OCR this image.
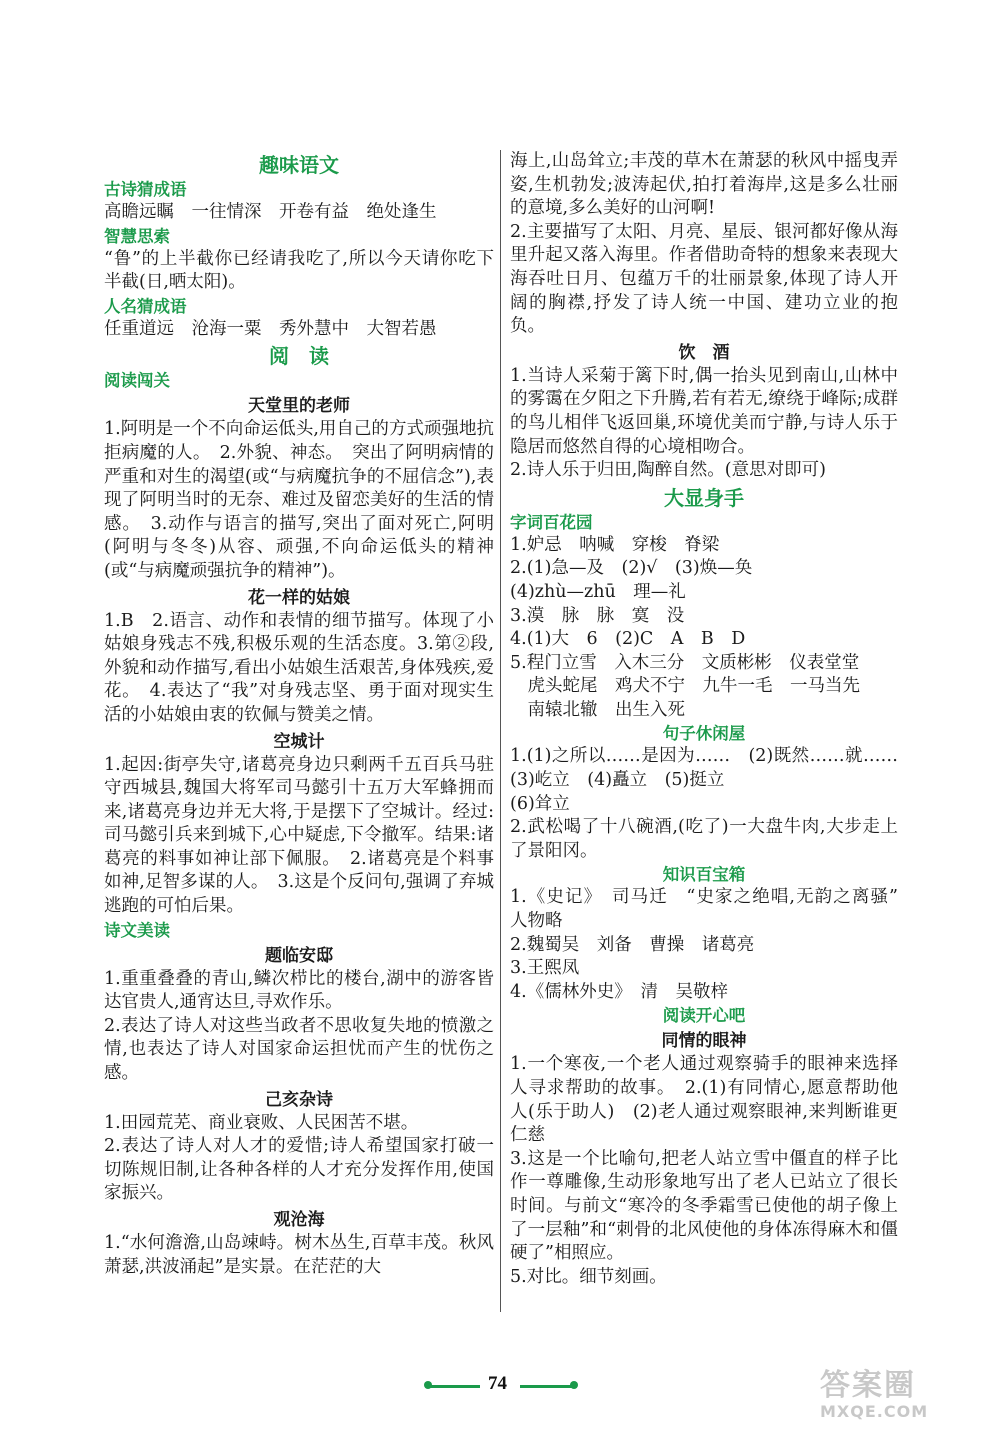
趣味语文
古诗猜成语

高瞻远瞩　一往情深　开卷有益　绝处逢生

智慧思索

“鲁”的上半截你已经请我吃了,所以今天请你吃下半截(日,晒太阳)。

人名猜成语

任重道远　沧海一粟　秀外慧中　大智若愚

阅　读
阅读闯关
天堂里的老师

1.阿明是一个不向命运低头,用自己的方式顽强地抗拒病魔的人。　2.外貌、神态。　突出了阿明病情的严重和对生的渴望(或“与病魔抗争的不屈信念”),表现了阿明当时的无奈、难过及留恋美好的生活的情感。　3.动作与语言的描写,突出了面对死亡,阿明(阿明与冬冬)从容、顽强,不向命运低头的精神(或“与病魔顽强抗争的精神”)。

花一样的姑娘

1.B　2.语言、动作和表情的细节描写。体现了小姑娘身残志不残,积极乐观的生活态度。3.第②段,外貌和动作描写,看出小姑娘生活艰苦,身体残疾,爱花。　4.表达了“我”对身残志坚、勇于面对现实生活的小姑娘由衷的钦佩与赞美之情。

空城计

1.起因:街亭失守,诸葛亮身边只剩两千五百兵马驻守西城县,魏国大将军司马懿引十五万大军蜂拥而来,诸葛亮身边并无大将,于是摆下了空城计。经过:司马懿引兵来到城下,心中疑虑,下令撤军。结果:诸葛亮的料事如神让部下佩服。　2.诸葛亮是个料事如神,足智多谋的人。　3.这是个反问句,强调了弃城逃跑的可怕后果。

诗文美读
题临安邸

1.重重叠叠的青山,鳞次栉比的楼台,湖中的游客皆达官贵人,通宵达旦,寻欢作乐。
2.表达了诗人对这些当政者不思收复失地的愤激之情,也表达了诗人对国家命运担忧而产生的忧伤之感。

己亥杂诗

1.田园荒芜、商业衰败、人民困苦不堪。
2.表达了诗人对人才的爱惜;诗人希望国家打破一切陈规旧制,让各种各样的人才充分发挥作用,使国家振兴。

观沧海

1.“水何澹澹,山岛竦峙。树木丛生,百草丰茂。秋风萧瑟,洪波涌起”是实景。在茫茫的大

海上,山岛耸立;丰茂的草木在萧瑟的秋风中摇曳弄姿,生机勃发;波涛起伏,拍打着海岸,这是多么壮丽的意境,多么美好的山河啊!
2.主要描写了太阳、月亮、星辰、银河都好像从海里升起又落入海里。作者借助奇特的想象来表现大海吞吐日月、包蕴万千的壮丽景象,体现了诗人开阔的胸襟,抒发了诗人统一中国、建功立业的抱负。

饮　酒

1.当诗人采菊于篱下时,偶一抬头见到南山,山林中的雾霭在夕阳之下升腾,若有若无,缭绕于峰际;成群的鸟儿相伴飞返回巢,环境优美而宁静,与诗人乐于隐居而悠然自得的心境相吻合。
2.诗人乐于归田,陶醉自然。(意思对即可)

大显身手
字词百花园

1.妒忌　呐喊　穿梭　脊梁
2.(1)急—及　(2)√　(3)焕—奂
(4)zhù—zhū　理—礼
3.漠　脉　脉　寞　没
4.(1)大　6　(2)C　A　B　D
5.程门立雪　入木三分　文质彬彬　仪表堂堂
　虎头蛇尾　鸡犬不宁　九牛一毛　一马当先
　南辕北辙　出生入死

句子休闲屋

1.(1)之所以……是因为……　(2)既然……就……　(3)屹立　(4)矗立　(5)挺立
(6)耸立
2.武松喝了十八碗酒,(吃了)一大盘牛肉,大步走上了景阳冈。

知识百宝箱

1.《史记》　司马迁　“史家之绝唱,无韵之离骚”　人物略
2.魏蜀吴　刘备　曹操　诸葛亮
3.王熙凤
4.《儒林外史》　清　吴敬梓

阅读开心吧
同情的眼神

1.一个寒夜,一个老人通过观察骑手的眼神来选择人寻求帮助的故事。　2.(1)有同情心,愿意帮助他人(乐于助人)　(2)老人通过观察眼神,来判断谁更仁慈
3.这是一个比喻句,把老人站立雪中僵直的样子比作一尊雕像,生动形象地写出了老人已站立了很长时间。与前文“寒冷的冬季霜雪已使他的胡子像上了一层釉”和“刺骨的北风使他的身体冻得麻木和僵硬了”相照应。
5.对比。细节刻画。

74	答案圈
MXQE.COM
